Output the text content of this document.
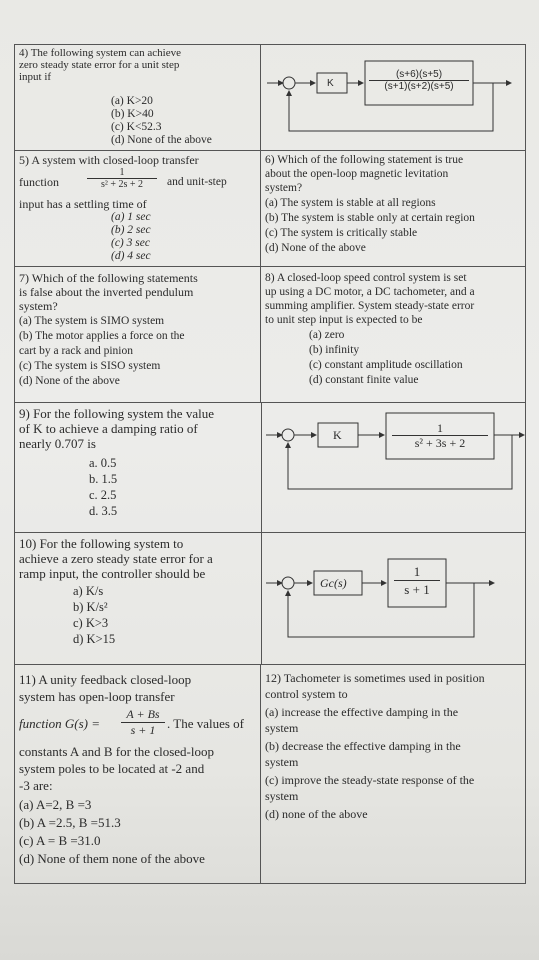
4) The following system can achieve
zero steady state error for a unit step
input if
(a) K>20
(b) K>40
(c) K<52.3
(d) None of the above
K	$\frac{(s+6)(s+5)}{(s+1)(s+2)(s+5)}$
5) A system with closed-loop transfer
function	$\frac{1}{\text{s² + 2s + 2}}$ and unit-step
input has a settling time of
(a) 1 sec
(b) 2 sec
(c) 3 sec
(d) 4 sec
6) Which of the following statement is true
about the open-loop magnetic levitation
system?
(a) The system is stable at all regions
(b) The system is stable only at certain region
(c) The system is critically stable
(d) None of the above
7) Which of the following statements
is false about the inverted pendulum
system?
(a) The system is SIMO system
(b) The motor applies a force on the
cart by a rack and pinion
(c) The system is SISO system
(d) None of the above
8) A closed-loop speed control system is set
up using a DC motor, a DC tachometer, and a
summing amplifier. System steady-state error
to unit step input is expected to be
(a) zero
(b) infinity
(c) constant amplitude oscillation
(d) constant finite value
9) For the following system the value
of K to achieve a damping ratio of
nearly 0.707 is
a. 0.5
b. 1.5
c. 2.5
d. 3.5
K	$\frac{1}{\text{s² + 3s + 2}}$
10) For the following system to
achieve a zero steady state error for a
ramp input, the controller should be
a) K/s
b) K/s²
c) K>3
d) K>15
Gc(s)	$\frac{1}{s + 1}$
11) A unity feedback closed-loop
system has open-loop transfer
function $G(s) = \frac{A + Bs}{s + 1}$ . The values of
constants A and B for the closed-loop
system poles to be located at -2 and
-3 are:
(a) A=2, B =3
(b) A =2.5, B =51.3
(c) A = B =31.0
(d) None of them none of the above
12) Tachometer is sometimes used in position
control system to
(a) increase the effective damping in the
system
(b) decrease the effective damping in the
system
(c) improve the steady-state response of the
system
(d) none of the above
